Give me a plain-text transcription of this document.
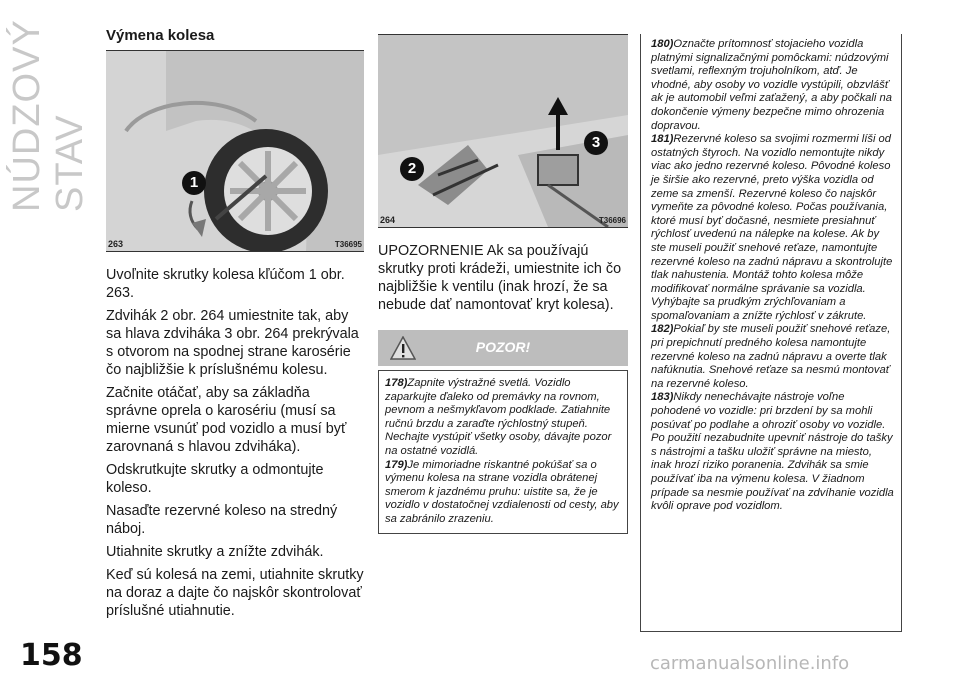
NÚDZOVÝ STAV
158
Výmena kolesa
1
263	T36695

Uvoľnite skrutky kolesa kľúčom 1 obr. 263.

Zdvihák 2 obr. 264 umiestnite tak, aby sa hlava zdviháka 3 obr. 264 prekrývala s otvorom na spodnej strane karosérie čo najbližšie k príslušnému kolesu.

Začnite otáčať, aby sa základňa správne oprela o karosériu (musí sa mierne vsunúť pod vozidlo a musí byť zarovnaná s hlavou zdviháka).

Odskrutkujte skrutky a odmontujte koleso.

Nasaďte rezervné koleso na stredný náboj.

Utiahnite skrutky a znížte zdvihák.

Keď sú kolesá na zemi, utiahnite skrutky na doraz a dajte čo najskôr skontrolovať príslušné utiahnutie.

2
3
264	T36696

UPOZORNENIE Ak sa používajú skrutky proti krádeži, umiestnite ich čo najbližšie k ventilu (inak hrozí, že sa nebude dať namontovať kryt kolesa).

POZOR!

178)Zapnite výstražné svetlá. Vozidlo zaparkujte ďaleko od premávky na rovnom, pevnom a nešmykľavom podklade. Zatiahnite ručnú brzdu a zaraďte rýchlostný stupeň. Nechajte vystúpiť všetky osoby, dávajte pozor na ostatné vozidlá.

179)Je mimoriadne riskantné pokúšať sa o výmenu kolesa na strane vozidla obrátenej smerom k jazdnému pruhu: uistite sa, že je vozidlo v dostatočnej vzdialenosti od cesty, aby sa zabránilo zrazeniu.

180)Označte prítomnosť stojacieho vozidla platnými signalizačnými pomôckami: núdzovými svetlami, reflexným trojuholníkom, atď. Je vhodné, aby osoby vo vozidle vystúpili, obzvlášť ak je automobil veľmi zaťažený, a aby počkali na dokončenie výmeny bezpečne mimo ohrozenia dopravou.

181)Rezervné koleso sa svojimi rozmermi líši od ostatných štyroch. Na vozidlo nemontujte nikdy viac ako jedno rezervné koleso. Pôvodné koleso je širšie ako rezervné, preto výška vozidla od zeme sa zmenší. Rezervné koleso čo najskôr vymeňte za pôvodné koleso. Počas používania, ktoré musí byť dočasné, nesmiete presiahnuť rýchlosť uvedenú na nálepke na kolese. Ak by ste museli použiť snehové reťaze, namontujte rezervné koleso na zadnú nápravu a skontrolujte tlak nahustenia. Montáž tohto kolesa môže modifikovať normálne správanie sa vozidla. Vyhýbajte sa prudkým zrýchľovaniam a spomaľovaniam a znížte rýchlosť v zákrute.

182)Pokiaľ by ste museli použiť snehové reťaze, pri prepichnutí predného kolesa namontujte rezervné koleso na zadnú nápravu a overte tlak nafúknutia. Snehové reťaze sa nesmú montovať na rezervné koleso.

183)Nikdy nenechávajte nástroje voľne pohodené vo vozidle: pri brzdení by sa mohli posúvať po podlahe a ohroziť osoby vo vozidle. Po použití nezabudnite upevniť nástroje do tašky s nástrojmi a tašku uložiť správne na miesto, inak hrozí riziko poranenia. Zdvihák sa smie používať iba na výmenu kolesa. V žiadnom prípade sa nesmie používať na zdvíhanie vozidla kvôli oprave pod vozidlom.

carmanualsonline.info
